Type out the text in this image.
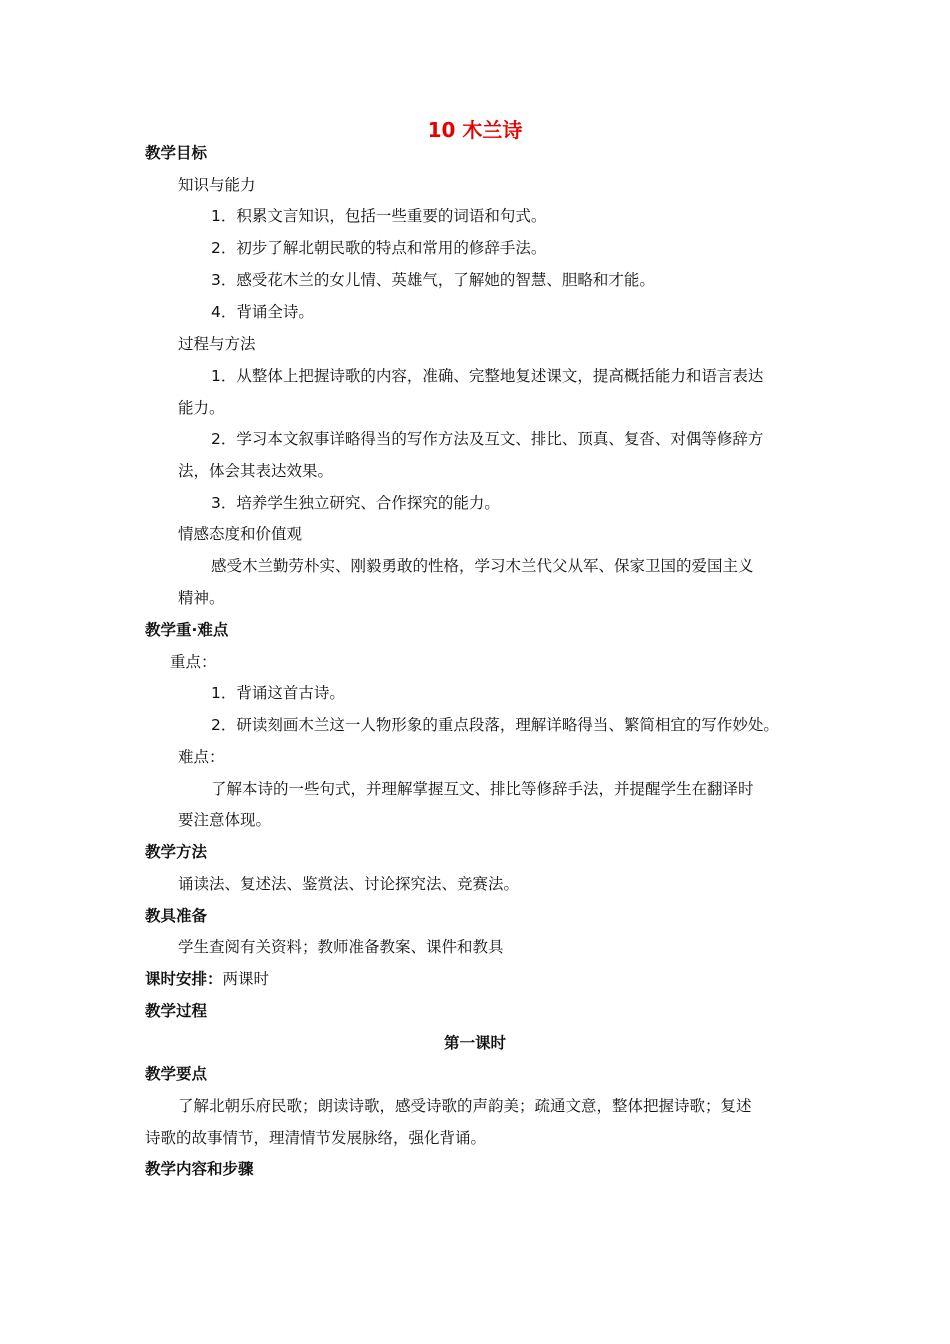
10 木兰诗
教学目标
知识与能力
1．积累文言知识，包括一些重要的词语和句式。
2．初步了解北朝民歌的特点和常用的修辞手法。
3．感受花木兰的女儿情、英雄气，了解她的智慧、胆略和才能。
4．背诵全诗。
过程与方法
1．从整体上把握诗歌的内容，准确、完整地复述课文，提高概括能力和语言表达
能力。
2．学习本文叙事详略得当的写作方法及互文、排比、顶真、复沓、对偶等修辞方
法，体会其表达效果。
3．培养学生独立研究、合作探究的能力。
情感态度和价值观
感受木兰勤劳朴实、刚毅勇敢的性格，学习木兰代父从军、保家卫国的爱国主义
精神。
教学重·难点
重点：
1．背诵这首古诗。
2．研读刻画木兰这一人物形象的重点段落，理解详略得当、繁简相宜的写作妙处。
难点：
了解本诗的一些句式，并理解掌握互文、排比等修辞手法，并提醒学生在翻译时
要注意体现。
教学方法
诵读法、复述法、鉴赏法、讨论探究法、竞赛法。
教具准备
学生查阅有关资料；教师准备教案、课件和教具
课时安排：两课时
教学过程
第一课时
教学要点
了解北朝乐府民歌；朗读诗歌，感受诗歌的声韵美；疏通文意，整体把握诗歌；复述
诗歌的故事情节，理清情节发展脉络，强化背诵。
教学内容和步骤
